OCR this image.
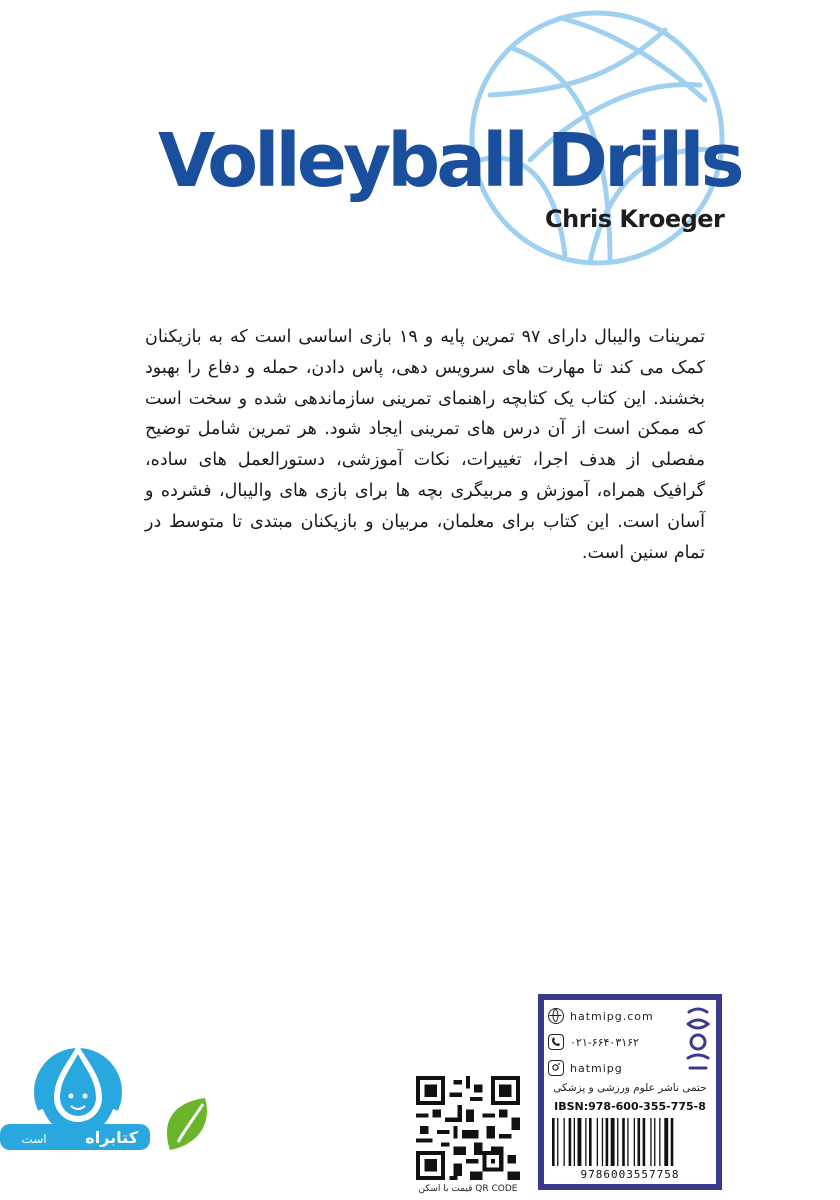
Volleyball Drills
Chris Kroeger

تمرینات والیبال دارای ۹۷ تمرین پایه و ۱۹ بازی اساسی است که به بازیکنان کمک می کند تا مهارت های سرویس دهی، پاس دادن، حمله و دفاع را بهبود بخشند. این کتاب یک کتابچه راهنمای تمرینی سازماندهی شده و سخت است که ممکن است از آن درس های تمرینی ایجاد شود. هر تمرین شامل توضیح مفصلی از هدف اجرا، تغییرات، نکات آموزشی، دستورالعمل های ساده، گرافیک همراه، آموزش و مربیگری بچه ها برای بازی های والیبال، فشرده و آسان است. این کتاب برای معلمان، مربیان و بازیکنان مبتدی تا متوسط در تمام سنین است.

کتابراه
است
قیمت با اسکن QR CODE
hatmipg.com
۰۲۱-۶۶۴۰۳۱۶۲
hatmipg
حتمی ناشر علوم ورزشی و پزشکی
IBSN:978-600-355-775-8
9786003557758
